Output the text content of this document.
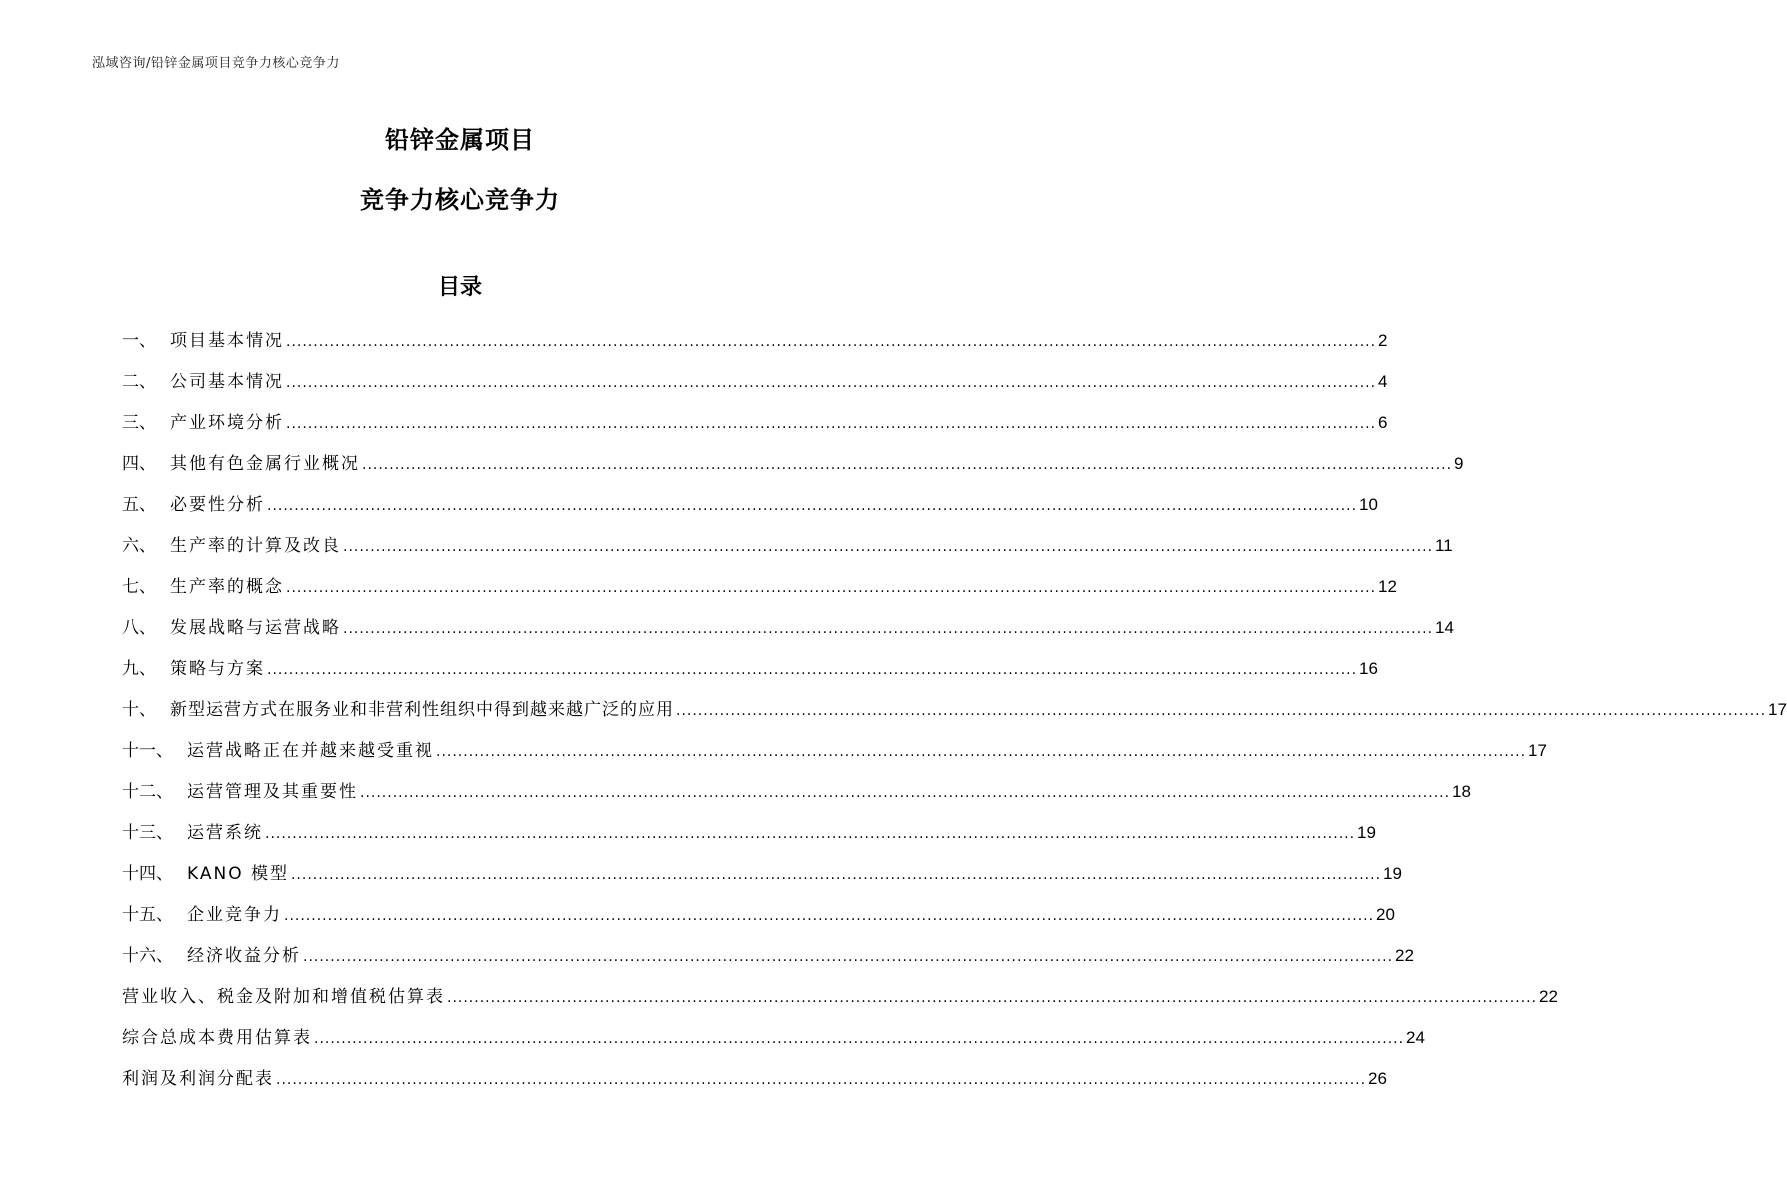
泓域咨询/铅锌金属项目竞争力核心竞争力
铅锌金属项目
竞争力核心竞争力
目录
一、 项目基本情况 ........................................................................................................................................................................................................ 2
二、 公司基本情况 ........................................................................................................................................................................................................ 4
三、 产业环境分析 ........................................................................................................................................................................................................ 6
四、 其他有色金属行业概况 ........................................................................................................................................................................................................ 9
五、 必要性分析 ........................................................................................................................................................................................................ 10
六、 生产率的计算及改良 ........................................................................................................................................................................................................ 11
七、 生产率的概念 ........................................................................................................................................................................................................ 12
八、 发展战略与运营战略 ........................................................................................................................................................................................................ 14
九、 策略与方案 ........................................................................................................................................................................................................ 16
十、 新型运营方式在服务业和非营利性组织中得到越来越广泛的应用 ........................................................................................................................................................................................................ 17
十一、 运营战略正在并越来越受重视 ........................................................................................................................................................................................................ 17
十二、 运营管理及其重要性 ........................................................................................................................................................................................................ 18
十三、 运营系统 ........................................................................................................................................................................................................ 19
十四、 KANO 模型 ........................................................................................................................................................................................................ 19
十五、 企业竞争力 ........................................................................................................................................................................................................ 20
十六、 经济收益分析 ........................................................................................................................................................................................................ 22
营业收入、税金及附加和增值税估算表 ........................................................................................................................................................................................................ 22
综合总成本费用估算表 ........................................................................................................................................................................................................ 24
利润及利润分配表 ........................................................................................................................................................................................................ 26
